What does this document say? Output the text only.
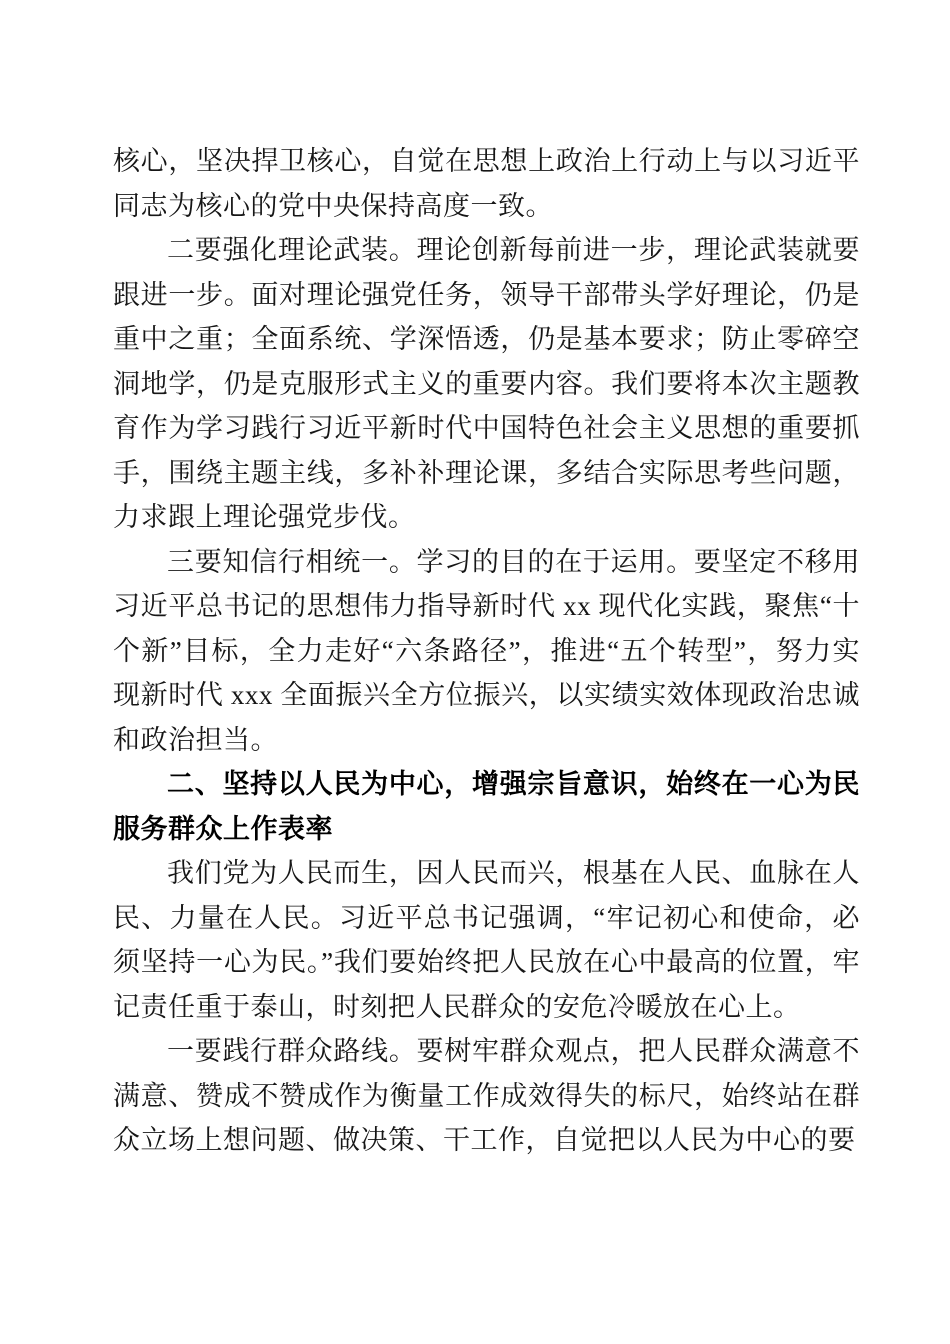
核心，坚决捍卫核心，自觉在思想上政治上行动上与以习近平同志为核心的党中央保持高度一致。

二要强化理论武装。理论创新每前进一步，理论武装就要跟进一步。面对理论强党任务，领导干部带头学好理论，仍是重中之重；全面系统、学深悟透，仍是基本要求；防止零碎空洞地学，仍是克服形式主义的重要内容。我们要将本次主题教育作为学习践行习近平新时代中国特色社会主义思想的重要抓手，围绕主题主线，多补补理论课，多结合实际思考些问题，力求跟上理论强党步伐。

三要知信行相统一。学习的目的在于运用。要坚定不移用习近平总书记的思想伟力指导新时代 xx 现代化实践，聚焦“十个新”目标，全力走好“六条路径”，推进“五个转型”，努力实现新时代 xxx 全面振兴全方位振兴，以实绩实效体现政治忠诚和政治担当。

二、坚持以人民为中心，增强宗旨意识，始终在一心为民服务群众上作表率

我们党为人民而生，因人民而兴，根基在人民、血脉在人民、力量在人民。习近平总书记强调，“牢记初心和使命，必须坚持一心为民。”我们要始终把人民放在心中最高的位置，牢记责任重于泰山，时刻把人民群众的安危冷暖放在心上。

一要践行群众路线。要树牢群众观点，把人民群众满意不满意、赞成不赞成作为衡量工作成效得失的标尺，始终站在群众立场上想问题、做决策、干工作，自觉把以人民为中心的要
